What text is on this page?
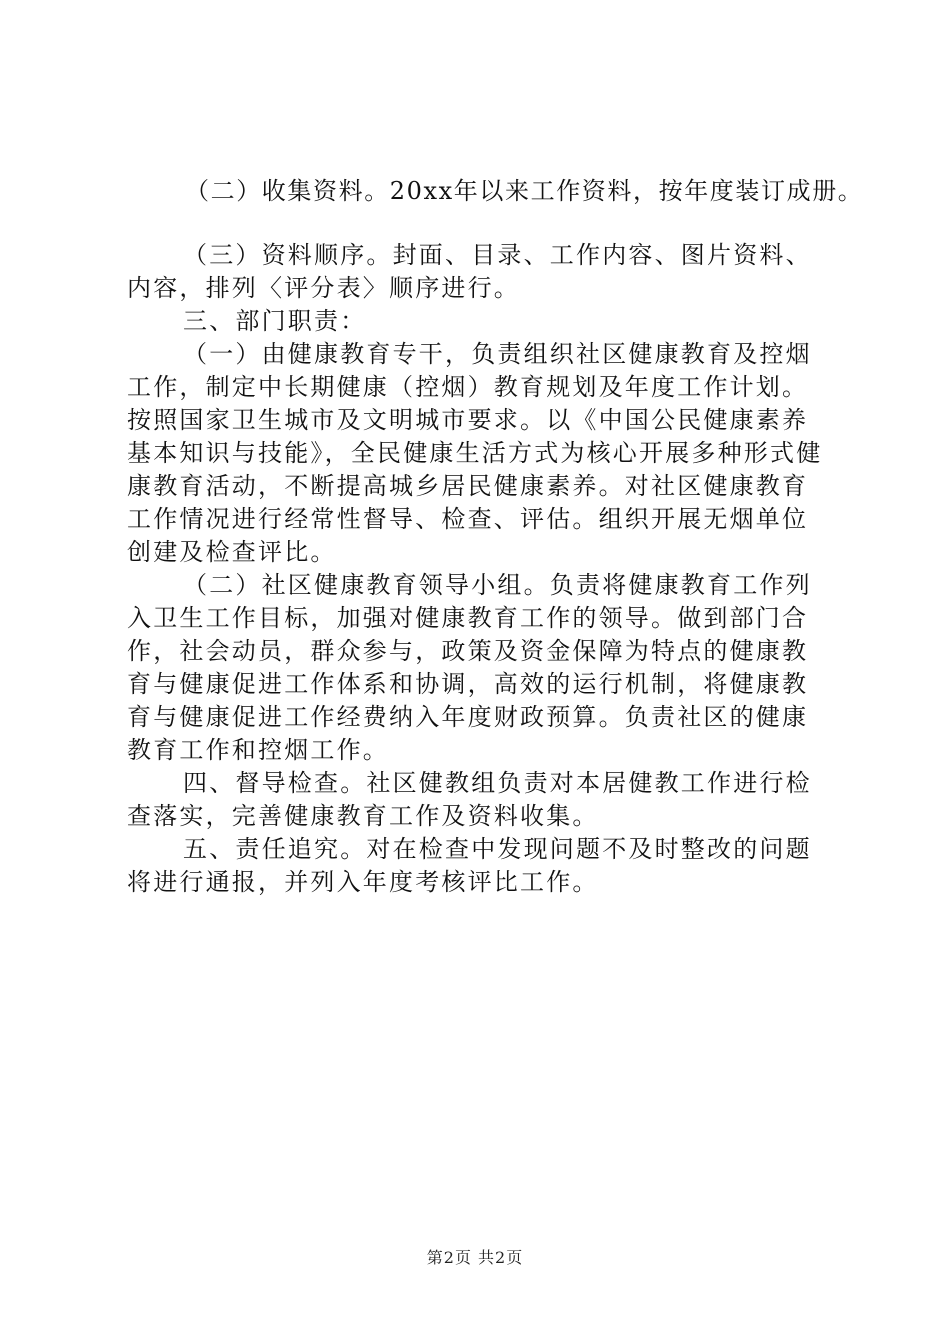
（二）收集资料。20xx年以来工作资料，按年度装订成册。
（三）资料顺序。封面、目录、工作内容、图片资料、内容，排列〈评分表〉顺序进行。
三、部门职责：
（一）由健康教育专干，负责组织社区健康教育及控烟工作，制定中长期健康（控烟）教育规划及年度工作计划。按照国家卫生城市及文明城市要求。以《中国公民健康素养基本知识与技能》，全民健康生活方式为核心开展多种形式健康教育活动，不断提高城乡居民健康素养。对社区健康教育工作情况进行经常性督导、检查、评估。组织开展无烟单位创建及检查评比。
（二）社区健康教育领导小组。负责将健康教育工作列入卫生工作目标，加强对健康教育工作的领导。做到部门合作，社会动员，群众参与，政策及资金保障为特点的健康教育与健康促进工作体系和协调，高效的运行机制，将健康教育与健康促进工作经费纳入年度财政预算。负责社区的健康教育工作和控烟工作。
四、督导检查。社区健教组负责对本居健教工作进行检查落实，完善健康教育工作及资料收集。
五、责任追究。对在检查中发现问题不及时整改的问题将进行通报，并列入年度考核评比工作。
第2页 共2页
